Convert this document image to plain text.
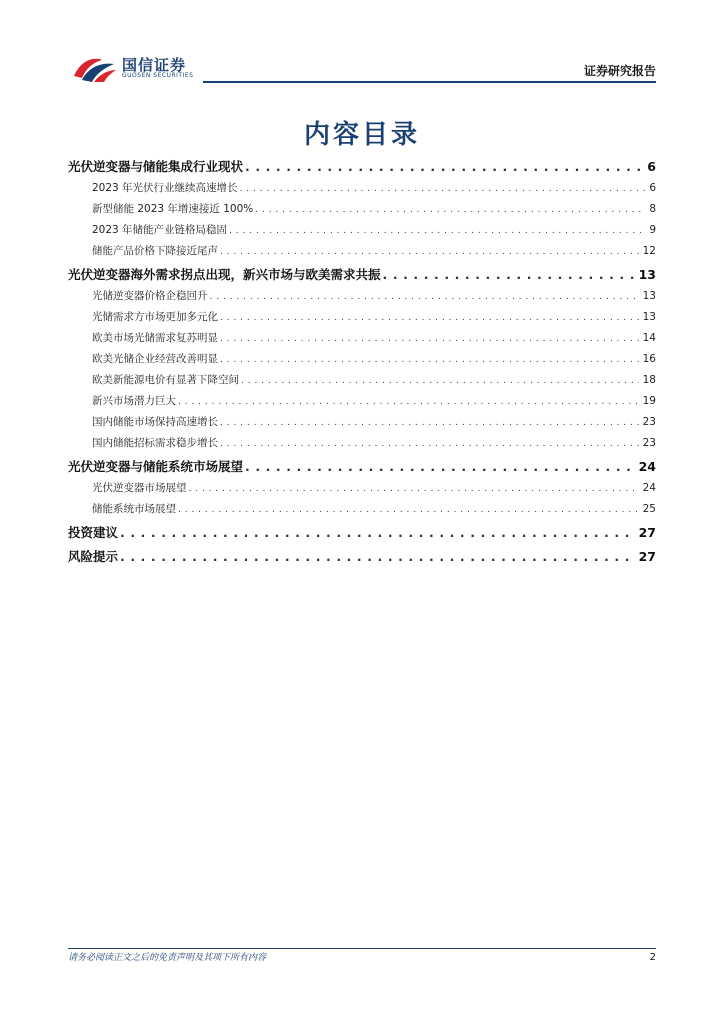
国信证券
GUOSEN SECURITIES	证券研究报告
内容目录
光伏逆变器与储能集成行业现状 . . .	6
2023 年光伏行业继续高速增长 . . .	6
新型储能 2023 年增速接近 100% . . .	8
2023 年储能产业链格局稳固 . . .	9
储能产品价格下降接近尾声 . . .	12
光伏逆变器海外需求拐点出现，新兴市场与欧美需求共振 . . .	13
光储逆变器价格企稳回升 . . .	13
光储需求方市场更加多元化 . . .	13
欧美市场光储需求复苏明显 . . .	14
欧美光储企业经营改善明显 . . .	16
欧美新能源电价有显著下降空间 . . .	18
新兴市场潜力巨大 . . .	19
国内储能市场保持高速增长 . . .	23
国内储能招标需求稳步增长 . . .	23
光伏逆变器与储能系统市场展望 . . .	24
光伏逆变器市场展望 . . .	24
储能系统市场展望 . . .	25
投资建议 . . .	27
风险提示 . . .	27
请务必阅读正文之后的免责声明及其项下所有内容	2
